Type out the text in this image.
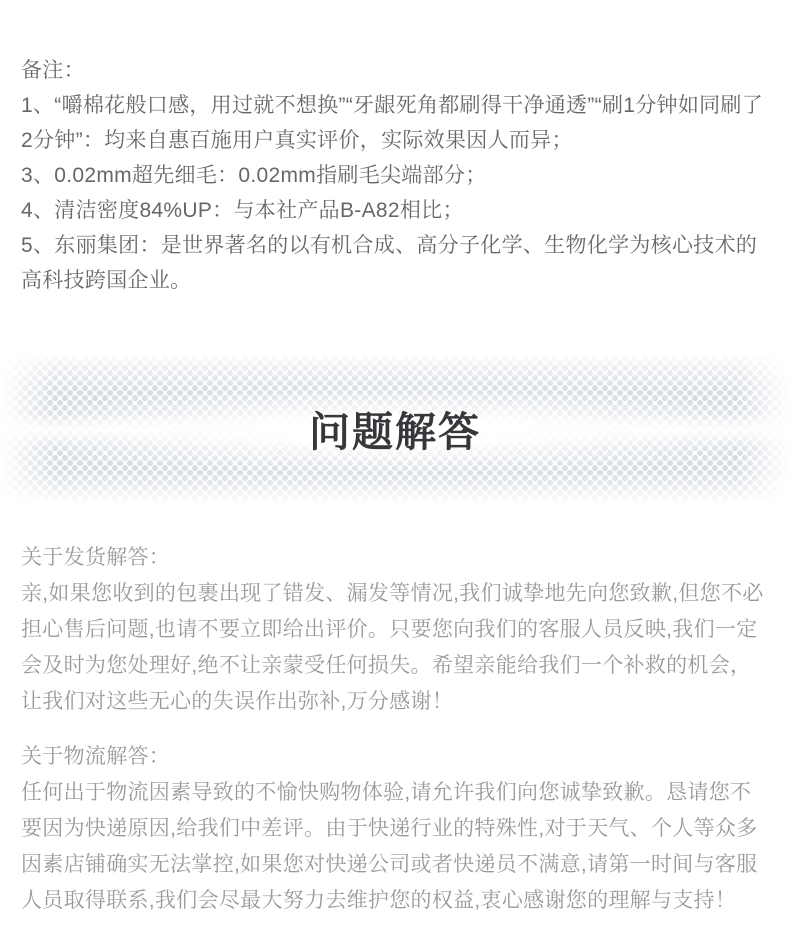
备注：

1、“嚼棉花般口感，用过就不想换”“牙龈死角都刷得干净通透”“刷1分钟如同刷了2分钟”：均来自惠百施用户真实评价，实际效果因人而异；

3、0.02mm超先细毛：0.02mm指刷毛尖端部分；

4、清洁密度84%UP：与本社产品B-A82相比；

5、东丽集团：是世界著名的以有机合成、高分子化学、生物化学为核心技术的高科技跨国企业。

问题解答

关于发货解答：

亲,如果您收到的包裹出现了错发、漏发等情况,我们诚挚地先向您致歉,但您不必担心售后问题,也请不要立即给出评价。只要您向我们的客服人员反映,我们一定会及时为您处理好,绝不让亲蒙受任何损失。希望亲能给我们一个补救的机会， 让我们对这些无心的失误作出弥补,万分感谢！

关于物流解答：

任何出于物流因素导致的不愉快购物体验,请允许我们向您诚挚致歉。恳请您不要因为快递原因,给我们中差评。由于快递行业的特殊性,对于天气、个人等众多因素店铺确实无法掌控,如果您对快递公司或者快递员不满意,请第一时间与客服人员取得联系,我们会尽最大努力去维护您的权益,衷心感谢您的理解与支持！
